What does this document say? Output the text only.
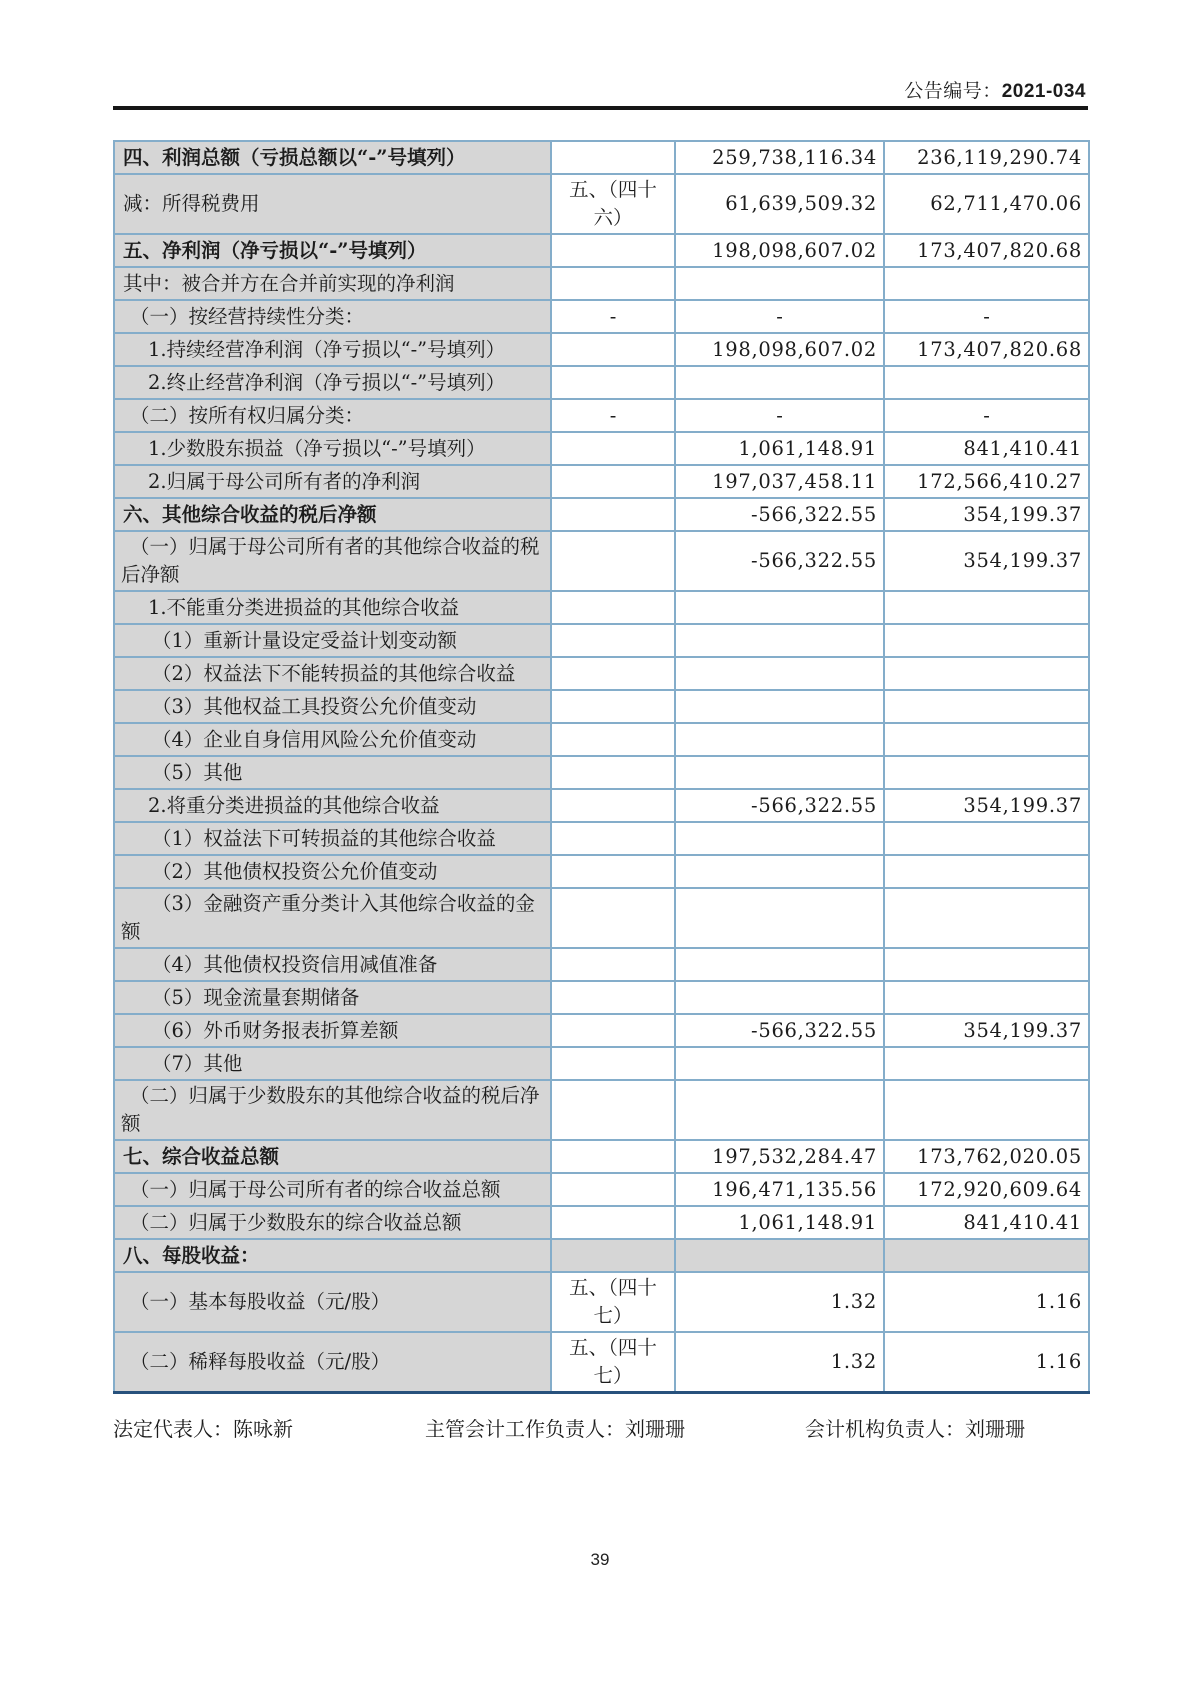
公告编号：2021-034
四、利润总额（亏损总额以“-”号填列）		259,738,116.34	236,119,290.74
减：所得税费用	五、（四十六）	61,639,509.32	62,711,470.06
五、净利润（净亏损以“-”号填列）		198,098,607.02	173,407,820.68
其中：被合并方在合并前实现的净利润			
（一）按经营持续性分类：	-	-	-
1.持续经营净利润（净亏损以“-”号填列）		198,098,607.02	173,407,820.68
2.终止经营净利润（净亏损以“-”号填列）			
（二）按所有权归属分类：	-	-	-
1.少数股东损益（净亏损以“-”号填列）		1,061,148.91	841,410.41
2.归属于母公司所有者的净利润		197,037,458.11	172,566,410.27
六、其他综合收益的税后净额		-566,322.55	354,199.37
（一）归属于母公司所有者的其他综合收益的税后净额		-566,322.55	354,199.37
1.不能重分类进损益的其他综合收益			
（1）重新计量设定受益计划变动额			
（2）权益法下不能转损益的其他综合收益			
（3）其他权益工具投资公允价值变动			
（4）企业自身信用风险公允价值变动			
（5）其他			
2.将重分类进损益的其他综合收益		-566,322.55	354,199.37
（1）权益法下可转损益的其他综合收益			
（2）其他债权投资公允价值变动			
（3）金融资产重分类计入其他综合收益的金额			
（4）其他债权投资信用减值准备			
（5）现金流量套期储备			
（6）外币财务报表折算差额		-566,322.55	354,199.37
（7）其他			
（二）归属于少数股东的其他综合收益的税后净额			
七、综合收益总额		197,532,284.47	173,762,020.05
（一）归属于母公司所有者的综合收益总额		196,471,135.56	172,920,609.64
（二）归属于少数股东的综合收益总额		1,061,148.91	841,410.41
八、每股收益：			
（一）基本每股收益（元/股）	五、（四十七）	1.32	1.16
（二）稀释每股收益（元/股）	五、（四十七）	1.32	1.16
法定代表人：陈咏新	主管会计工作负责人：刘珊珊	会计机构负责人：刘珊珊
39
